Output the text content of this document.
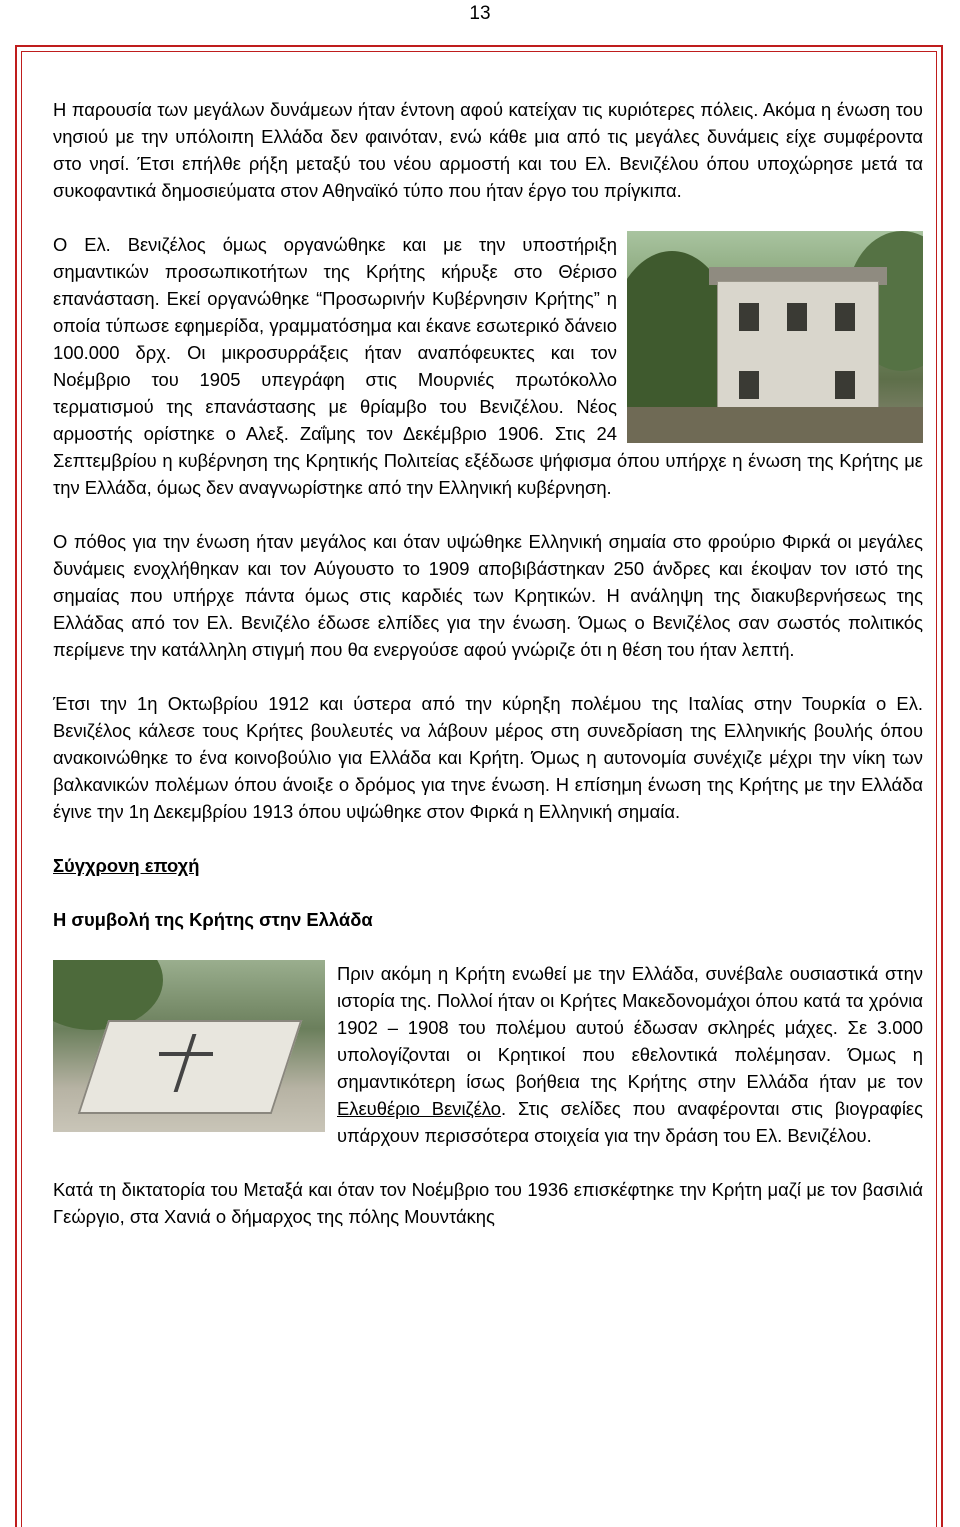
13

Η παρουσία των μεγάλων δυνάμεων ήταν έντονη αφού κατείχαν τις κυριότερες πόλεις. Ακόμα η ένωση του νησιού με την υπόλοιπη Ελλάδα δεν φαινόταν, ενώ κάθε μια από τις μεγάλες δυνάμεις είχε συμφέροντα στο νησί. Έτσι επήλθε ρήξη μεταξύ του νέου αρμοστή και του Ελ. Βενιζέλου όπου υποχώρησε μετά τα συκοφαντικά δημοσιεύματα στον Αθηναϊκό τύπο που ήταν έργο του πρίγκιπα.

Ο Ελ. Βενιζέλος όμως οργανώθηκε και με την υποστήριξη σημαντικών προσωπικοτήτων της Κρήτης κήρυξε στο Θέρισο επανάσταση. Εκεί οργανώθηκε “Προσωρινήν Κυβέρνησιν Κρήτης” η οποία τύπωσε εφημερίδα, γραμματόσημα και έκανε εσωτερικό δάνειο 100.000 δρχ. Οι μικροσυρράξεις ήταν αναπόφευκτες και τον Νοέμβριο του 1905 υπεγράφη στις Μουρνιές πρωτόκολλο τερματισμού της επανάστασης με θρίαμβο του Βενιζέλου. Νέος αρμοστής ορίστηκε ο Αλεξ. Ζαΐμης τον Δεκέμβριο 1906. Στις 24 Σεπτεμβρίου η κυβέρνηση της Κρητικής Πολιτείας εξέδωσε ψήφισμα όπου υπήρχε η ένωση της Κρήτης με την Ελλάδα, όμως δεν αναγνωρίστηκε από την Ελληνική κυβέρνηση.

Ο πόθος για την ένωση ήταν μεγάλος και όταν υψώθηκε Ελληνική σημαία στο φρούριο Φιρκά οι μεγάλες δυνάμεις ενοχλήθηκαν και τον Αύγουστο το 1909 αποβιβάστηκαν 250 άνδρες και έκοψαν τον ιστό της σημαίας που υπήρχε πάντα όμως στις καρδιές των Κρητικών. Η ανάληψη της διακυβερνήσεως της Ελλάδας από τον Ελ. Βενιζέλο έδωσε ελπίδες για την ένωση. Όμως ο Βενιζέλος σαν σωστός πολιτικός περίμενε την κατάλληλη στιγμή που θα ενεργούσε αφού γνώριζε ότι η θέση του ήταν λεπτή.

Έτσι την 1η Οκτωβρίου 1912 και ύστερα από την κύρηξη πολέμου της Ιταλίας στην Τουρκία ο Ελ. Βενιζέλος κάλεσε τους Κρήτες βουλευτές να λάβουν μέρος στη συνεδρίαση της Ελληνικής βουλής όπου ανακοινώθηκε το ένα κοινοβούλιο για Ελλάδα και Κρήτη. Όμως η αυτονομία συνέχιζε μέχρι την νίκη των βαλκανικών πολέμων όπου άνοιξε ο δρόμος για τηνε ένωση. Η επίσημη ένωση της Κρήτης με την Ελλάδα έγινε την 1η Δεκεμβρίου 1913 όπου υψώθηκε στον Φιρκά η Ελληνική σημαία.

Σύγχρονη εποχή
Η συμβολή της Κρήτης στην Ελλάδα

Πριν ακόμη η Κρήτη ενωθεί με την Ελλάδα, συνέβαλε ουσιαστικά στην ιστορία της. Πολλοί ήταν οι Κρήτες Μακεδονομάχοι όπου κατά τα χρόνια 1902 – 1908 του πολέμου αυτού έδωσαν σκληρές μάχες. Σε 3.000 υπολογίζονται οι Κρητικοί που εθελοντικά πολέμησαν. Όμως η σημαντικότερη ίσως βοήθεια της Κρήτης στην Ελλάδα ήταν με τον Ελευθέριο Βενιζέλο. Στις σελίδες που αναφέρονται στις βιογραφίες υπάρχουν περισσότερα στοιχεία για την δράση του Ελ. Βενιζέλου.

Κατά τη δικτατορία του Μεταξά και όταν τον Νοέμβριο του 1936 επισκέφτηκε την Κρήτη μαζί με τον βασιλιά Γεώργιο, στα Χανιά ο δήμαρχος της πόλης Μουντάκης
